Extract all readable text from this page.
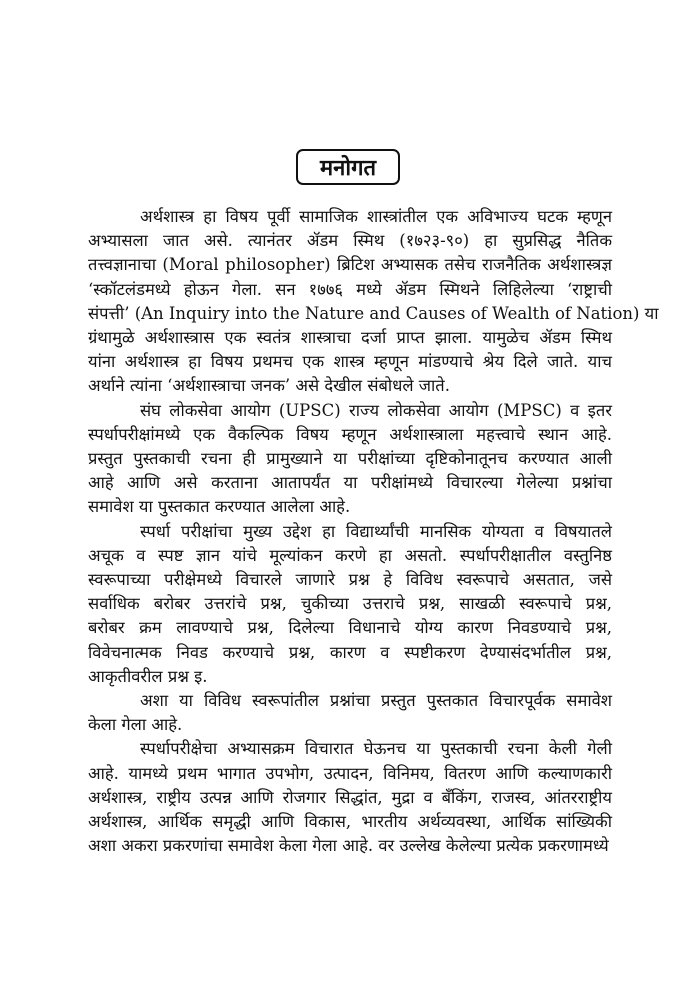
मनोगत
अर्थशास्त्र हा विषय पूर्वी सामाजिक शास्त्रांतील एक अविभाज्य घटक म्हणून
अभ्यासला जात असे. त्यानंतर ॲडम स्मिथ (१७२३-९०) हा सुप्रसिद्ध नैतिक
तत्त्वज्ञानाचा (Moral philosopher) ब्रिटिश अभ्यासक तसेच राजनैतिक अर्थशास्त्रज्ञ
‘स्कॉटलंडमध्ये होऊन गेला. सन १७७६ मध्ये ॲडम स्मिथने लिहिलेल्या ‘राष्ट्राची
संपत्ती’ (An Inquiry into the Nature and Causes of Wealth of Nation) या
ग्रंथामुळे अर्थशास्त्रास एक स्वतंत्र शास्त्राचा दर्जा प्राप्त झाला. यामुळेच ॲडम स्मिथ
यांना अर्थशास्त्र हा विषय प्रथमच एक शास्त्र म्हणून मांडण्याचे श्रेय दिले जाते. याच
अर्थाने त्यांना ‘अर्थशास्त्राचा जनक’ असे देखील संबोधले जाते.
संघ लोकसेवा आयोग (UPSC) राज्य लोकसेवा आयोग (MPSC) व इतर
स्पर्धापरीक्षांमध्ये एक वैकल्पिक विषय म्हणून अर्थशास्त्राला महत्त्वाचे स्थान आहे.
प्रस्तुत पुस्तकाची रचना ही प्रामुख्याने या परीक्षांच्या दृष्टिकोनातूनच करण्यात आली
आहे आणि असे करताना आतापर्यंत या परीक्षांमध्ये विचारल्या गेलेल्या प्रश्नांचा
समावेश या पुस्तकात करण्यात आलेला आहे.
स्पर्धा परीक्षांचा मुख्य उद्देश हा विद्यार्थ्यांची मानसिक योग्यता व विषयातले
अचूक व स्पष्ट ज्ञान यांचे मूल्यांकन करणे हा असतो. स्पर्धापरीक्षातील वस्तुनिष्ठ
स्वरूपाच्या परीक्षेमध्ये विचारले जाणारे प्रश्न हे विविध स्वरूपाचे असतात, जसे
सर्वाधिक बरोबर उत्तरांचे प्रश्न, चुकीच्या उत्तराचे प्रश्न, साखळी स्वरूपाचे प्रश्न,
बरोबर क्रम लावण्याचे प्रश्न, दिलेल्या विधानाचे योग्य कारण निवडण्याचे प्रश्न,
विवेचनात्मक निवड करण्याचे प्रश्न, कारण व स्पष्टीकरण देण्यासंदर्भातील प्रश्न,
आकृतीवरील प्रश्न इ.
अशा या विविध स्वरूपांतील प्रश्नांचा प्रस्तुत पुस्तकात विचारपूर्वक समावेश
केला गेला आहे.
स्पर्धापरीक्षेचा अभ्यासक्रम विचारात घेऊनच या पुस्तकाची रचना केली गेली
आहे. यामध्ये प्रथम भागात उपभोग, उत्पादन, विनिमय, वितरण आणि कल्याणकारी
अर्थशास्त्र, राष्ट्रीय उत्पन्न आणि रोजगार सिद्धांत, मुद्रा व बँकिंग, राजस्व, आंतरराष्ट्रीय
अर्थशास्त्र, आर्थिक समृद्धी आणि विकास, भारतीय अर्थव्यवस्था, आर्थिक सांख्यिकी
अशा अकरा प्रकरणांचा समावेश केला गेला आहे. वर उल्लेख केलेल्या प्रत्येक प्रकरणामध्ये
